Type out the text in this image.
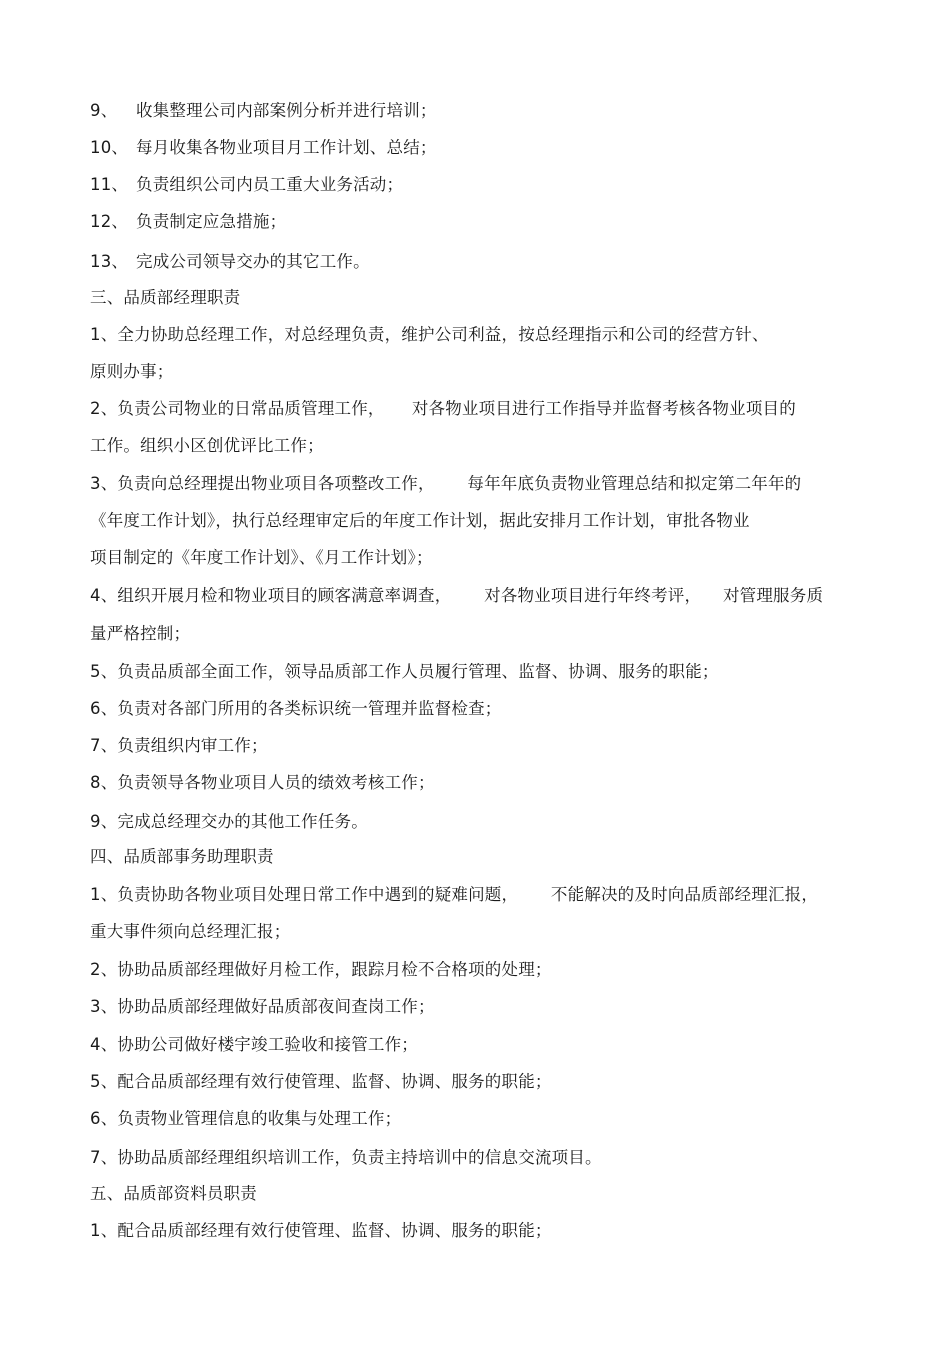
9、 收集整理公司内部案例分析并进行培训；
10、 每月收集各物业项目月工作计划、总结；
11、 负责组织公司内员工重大业务活动；
12、 负责制定应急措施；
13、 完成公司领导交办的其它工作。
三、品质部经理职责
1、全力协助总经理工作，对总经理负责，维护公司利益，按总经理指示和公司的经营方针、
原则办事；
2、负责公司物业的日常品质管理工作，     对各物业项目进行工作指导并监督考核各物业项目的
工作。组织小区创优评比工作；
3、负责向总经理提出物业项目各项整改工作，      每年年底负责物业管理总结和拟定第二年年的
《年度工作计划》，执行总经理审定后的年度工作计划，据此安排月工作计划，审批各物业
项目制定的《年度工作计划》、《月工作计划》；
4、组织开展月检和物业项目的顾客满意率调查，      对各物业项目进行年终考评，    对管理服务质
量严格控制；
5、负责品质部全面工作，领导品质部工作人员履行管理、监督、协调、服务的职能；
6、负责对各部门所用的各类标识统一管理并监督检查；
7、负责组织内审工作；
8、负责领导各物业项目人员的绩效考核工作；
9、完成总经理交办的其他工作任务。
四、品质部事务助理职责
1、负责协助各物业项目处理日常工作中遇到的疑难问题，      不能解决的及时向品质部经理汇报，
重大事件须向总经理汇报；
2、协助品质部经理做好月检工作，跟踪月检不合格项的处理；
3、协助品质部经理做好品质部夜间查岗工作；
4、协助公司做好楼宇竣工验收和接管工作；
5、配合品质部经理有效行使管理、监督、协调、服务的职能；
6、负责物业管理信息的收集与处理工作；
7、协助品质部经理组织培训工作，负责主持培训中的信息交流项目。
五、品质部资料员职责
1、配合品质部经理有效行使管理、监督、协调、服务的职能；
